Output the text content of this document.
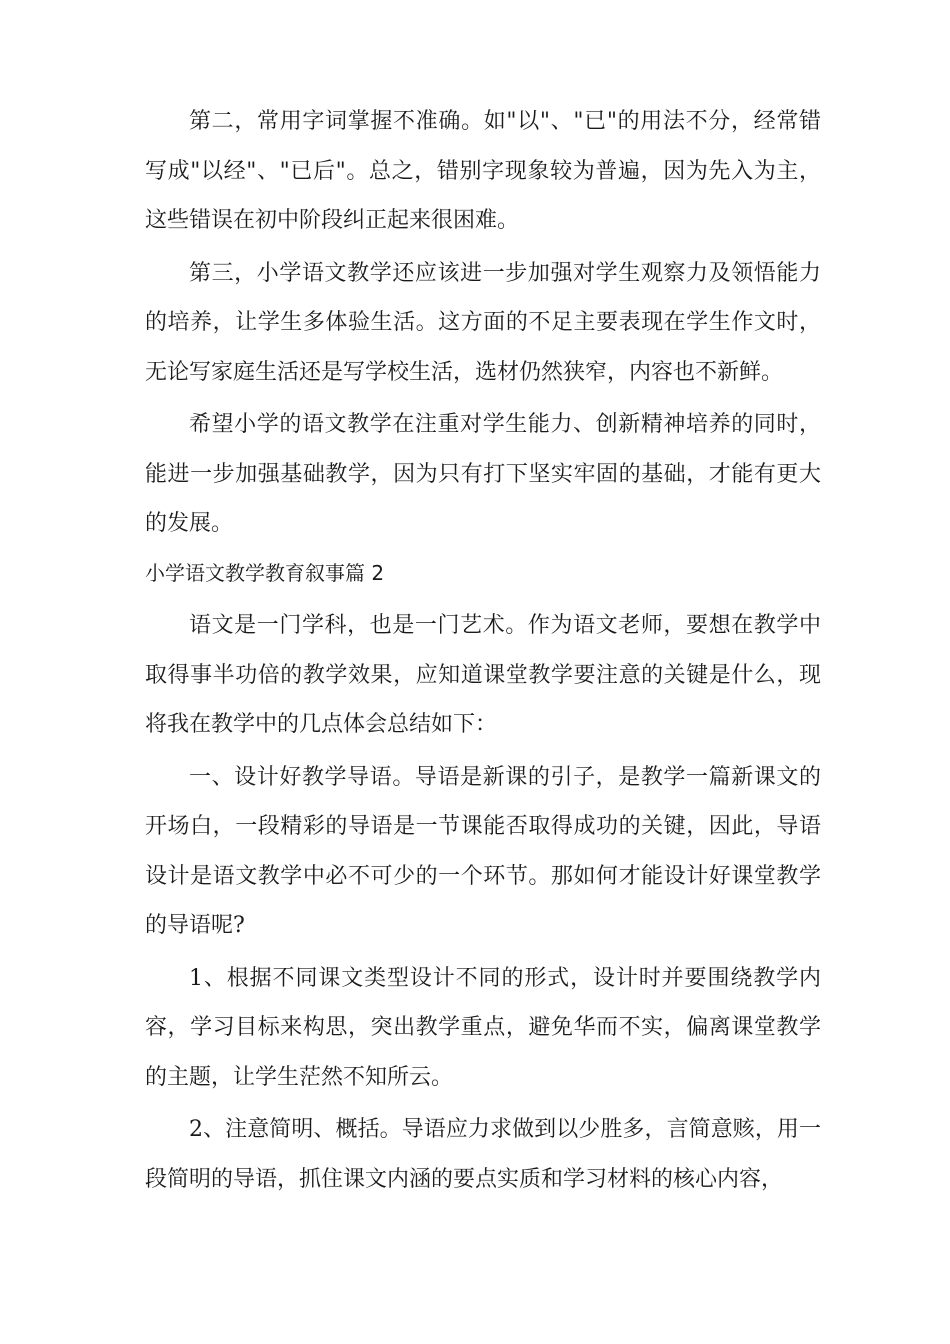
第二，常用字词掌握不准确。如"以"、"已"的用法不分，经常错写成"以经"、"已后"。总之，错别字现象较为普遍，因为先入为主，这些错误在初中阶段纠正起来很困难。

第三，小学语文教学还应该进一步加强对学生观察力及领悟能力的培养，让学生多体验生活。这方面的不足主要表现在学生作文时，无论写家庭生活还是写学校生活，选材仍然狭窄，内容也不新鲜。

希望小学的语文教学在注重对学生能力、创新精神培养的同时，能进一步加强基础教学，因为只有打下坚实牢固的基础，才能有更大的发展。

小学语文教学教育叙事篇 2

语文是一门学科，也是一门艺术。作为语文老师，要想在教学中取得事半功倍的教学效果，应知道课堂教学要注意的关键是什么，现将我在教学中的几点体会总结如下：

一、设计好教学导语。导语是新课的引子，是教学一篇新课文的开场白，一段精彩的导语是一节课能否取得成功的关键，因此，导语设计是语文教学中必不可少的一个环节。那如何才能设计好课堂教学的导语呢?

1、根据不同课文类型设计不同的形式，设计时并要围绕教学内容，学习目标来构思，突出教学重点，避免华而不实，偏离课堂教学的主题，让学生茫然不知所云。

2、注意简明、概括。导语应力求做到以少胜多，言简意赅，用一段简明的导语，抓住课文内涵的要点实质和学习材料的核心内容，
